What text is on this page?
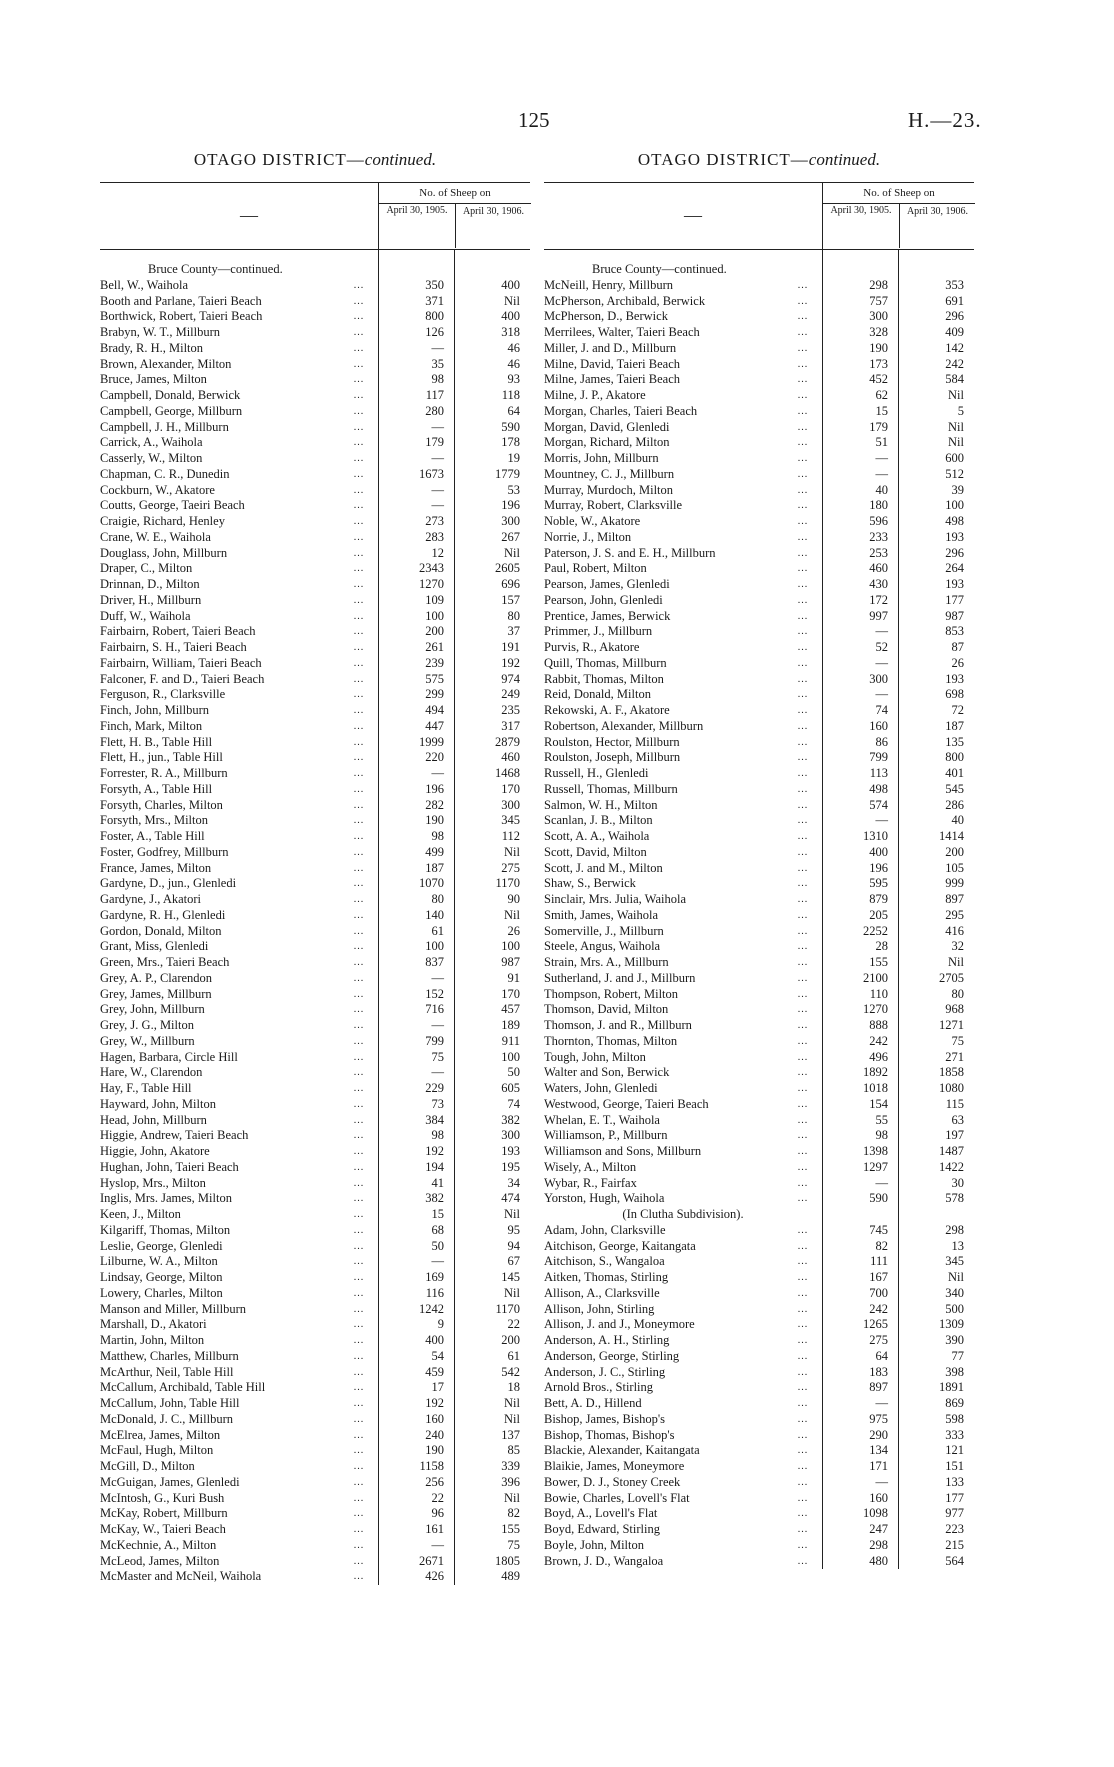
125	H.—23.
OTAGO DISTRICT—continued.
—
No. of Sheep on
April 30, 1905.	April 30, 1906.
Bruce County—continued.
Bell, W., Waihola	...	350	400
Booth and Parlane, Taieri Beach	...	371	Nil
Borthwick, Robert, Taieri Beach	...	800	400
Brabyn, W. T., Millburn	...	126	318
Brady, R. H., Milton	...	—	46
Brown, Alexander, Milton	...	35	46
Bruce, James, Milton	...	98	93
Campbell, Donald, Berwick	...	117	118
Campbell, George, Millburn	...	280	64
Campbell, J. H., Millburn	...	—	590
Carrick, A., Waihola	...	179	178
Casserly, W., Milton	...	—	19
Chapman, C. R., Dunedin	...	1673	1779
Cockburn, W., Akatore	...	—	53
Coutts, George, Taeiri Beach	...	—	196
Craigie, Richard, Henley	...	273	300
Crane, W. E., Waihola	...	283	267
Douglass, John, Millburn	...	12	Nil
Draper, C., Milton	...	2343	2605
Drinnan, D., Milton	...	1270	696
Driver, H., Millburn	...	109	157
Duff, W., Waihola	...	100	80
Fairbairn, Robert, Taieri Beach	...	200	37
Fairbairn, S. H., Taieri Beach	...	261	191
Fairbairn, William, Taieri Beach	...	239	192
Falconer, F. and D., Taieri Beach	...	575	974
Ferguson, R., Clarksville	...	299	249
Finch, John, Millburn	...	494	235
Finch, Mark, Milton	...	447	317
Flett, H. B., Table Hill	...	1999	2879
Flett, H., jun., Table Hill	...	220	460
Forrester, R. A., Millburn	...	—	1468
Forsyth, A., Table Hill	...	196	170
Forsyth, Charles, Milton	...	282	300
Forsyth, Mrs., Milton	...	190	345
Foster, A., Table Hill	...	98	112
Foster, Godfrey, Millburn	...	499	Nil
France, James, Milton	...	187	275
Gardyne, D., jun., Glenledi	...	1070	1170
Gardyne, J., Akatori	...	80	90
Gardyne, R. H., Glenledi	...	140	Nil
Gordon, Donald, Milton	...	61	26
Grant, Miss, Glenledi	...	100	100
Green, Mrs., Taieri Beach	...	837	987
Grey, A. P., Clarendon	...	—	91
Grey, James, Millburn	...	152	170
Grey, John, Millburn	...	716	457
Grey, J. G., Milton	...	—	189
Grey, W., Millburn	...	799	911
Hagen, Barbara, Circle Hill	...	75	100
Hare, W., Clarendon	...	—	50
Hay, F., Table Hill	...	229	605
Hayward, John, Milton	...	73	74
Head, John, Millburn	...	384	382
Higgie, Andrew, Taieri Beach	...	98	300
Higgie, John, Akatore	...	192	193
Hughan, John, Taieri Beach	...	194	195
Hyslop, Mrs., Milton	...	41	34
Inglis, Mrs. James, Milton	...	382	474
Keen, J., Milton	...	15	Nil
Kilgariff, Thomas, Milton	...	68	95
Leslie, George, Glenledi	...	50	94
Lilburne, W. A., Milton	...	—	67
Lindsay, George, Milton	...	169	145
Lowery, Charles, Milton	...	116	Nil
Manson and Miller, Millburn	...	1242	1170
Marshall, D., Akatori	...	9	22
Martin, John, Milton	...	400	200
Matthew, Charles, Millburn	...	54	61
McArthur, Neil, Table Hill	...	459	542
McCallum, Archibald, Table Hill	...	17	18
McCallum, John, Table Hill	...	192	Nil
McDonald, J. C., Millburn	...	160	Nil
McElrea, James, Milton	...	240	137
McFaul, Hugh, Milton	...	190	85
McGill, D., Milton	...	1158	339
McGuigan, James, Glenledi	...	256	396
McIntosh, G., Kuri Bush	...	22	Nil
McKay, Robert, Millburn	...	96	82
McKay, W., Taieri Beach	...	161	155
McKechnie, A., Milton	...	—	75
McLeod, James, Milton	...	2671	1805
McMaster and McNeil, Waihola	...	426	489
OTAGO DISTRICT—continued.
—
No. of Sheep on
April 30, 1905.	April 30, 1906.
Bruce County—continued.
McNeill, Henry, Millburn	...	298	353
McPherson, Archibald, Berwick	...	757	691
McPherson, D., Berwick	...	300	296
Merrilees, Walter, Taieri Beach	...	328	409
Miller, J. and D., Millburn	...	190	142
Milne, David, Taieri Beach	...	173	242
Milne, James, Taieri Beach	...	452	584
Milne, J. P., Akatore	...	62	Nil
Morgan, Charles, Taieri Beach	...	15	5
Morgan, David, Glenledi	...	179	Nil
Morgan, Richard, Milton	...	51	Nil
Morris, John, Millburn	...	—	600
Mountney, C. J., Millburn	...	—	512
Murray, Murdoch, Milton	...	40	39
Murray, Robert, Clarksville	...	180	100
Noble, W., Akatore	...	596	498
Norrie, J., Milton	...	233	193
Paterson, J. S. and E. H., Millburn	...	253	296
Paul, Robert, Milton	...	460	264
Pearson, James, Glenledi	...	430	193
Pearson, John, Glenledi	...	172	177
Prentice, James, Berwick	...	997	987
Primmer, J., Millburn	...	—	853
Purvis, R., Akatore	...	52	87
Quill, Thomas, Millburn	...	—	26
Rabbit, Thomas, Milton	...	300	193
Reid, Donald, Milton	...	—	698
Rekowski, A. F., Akatore	...	74	72
Robertson, Alexander, Millburn	...	160	187
Roulston, Hector, Millburn	...	86	135
Roulston, Joseph, Millburn	...	799	800
Russell, H., Glenledi	...	113	401
Russell, Thomas, Millburn	...	498	545
Salmon, W. H., Milton	...	574	286
Scanlan, J. B., Milton	...	—	40
Scott, A. A., Waihola	...	1310	1414
Scott, David, Milton	...	400	200
Scott, J. and M., Milton	...	196	105
Shaw, S., Berwick	...	595	999
Sinclair, Mrs. Julia, Waihola	...	879	897
Smith, James, Waihola	...	205	295
Somerville, J., Millburn	...	2252	416
Steele, Angus, Waihola	...	28	32
Strain, Mrs. A., Millburn	...	155	Nil
Sutherland, J. and J., Millburn	...	2100	2705
Thompson, Robert, Milton	...	110	80
Thomson, David, Milton	...	1270	968
Thomson, J. and R., Millburn	...	888	1271
Thornton, Thomas, Milton	...	242	75
Tough, John, Milton	...	496	271
Walter and Son, Berwick	...	1892	1858
Waters, John, Glenledi	...	1018	1080
Westwood, George, Taieri Beach	...	154	115
Whelan, E. T., Waihola	...	55	63
Williamson, P., Millburn	...	98	197
Williamson and Sons, Millburn	...	1398	1487
Wisely, A., Milton	...	1297	1422
Wybar, R., Fairfax	...	—	30
Yorston, Hugh, Waihola	...	590	578
(In Clutha Subdivision).
Adam, John, Clarksville	...	745	298
Aitchison, George, Kaitangata	...	82	13
Aitchison, S., Wangaloa	...	111	345
Aitken, Thomas, Stirling	...	167	Nil
Allison, A., Clarksville	...	700	340
Allison, John, Stirling	...	242	500
Allison, J. and J., Moneymore	...	1265	1309
Anderson, A. H., Stirling	...	275	390
Anderson, George, Stirling	...	64	77
Anderson, J. C., Stirling	...	183	398
Arnold Bros., Stirling	...	897	1891
Bett, A. D., Hillend	...	—	869
Bishop, James, Bishop's	...	975	598
Bishop, Thomas, Bishop's	...	290	333
Blackie, Alexander, Kaitangata	...	134	121
Blaikie, James, Moneymore	...	171	151
Bower, D. J., Stoney Creek	...	—	133
Bowie, Charles, Lovell's Flat	...	160	177
Boyd, A., Lovell's Flat	...	1098	977
Boyd, Edward, Stirling	...	247	223
Boyle, John, Milton	...	298	215
Brown, J. D., Wangaloa	...	480	564
